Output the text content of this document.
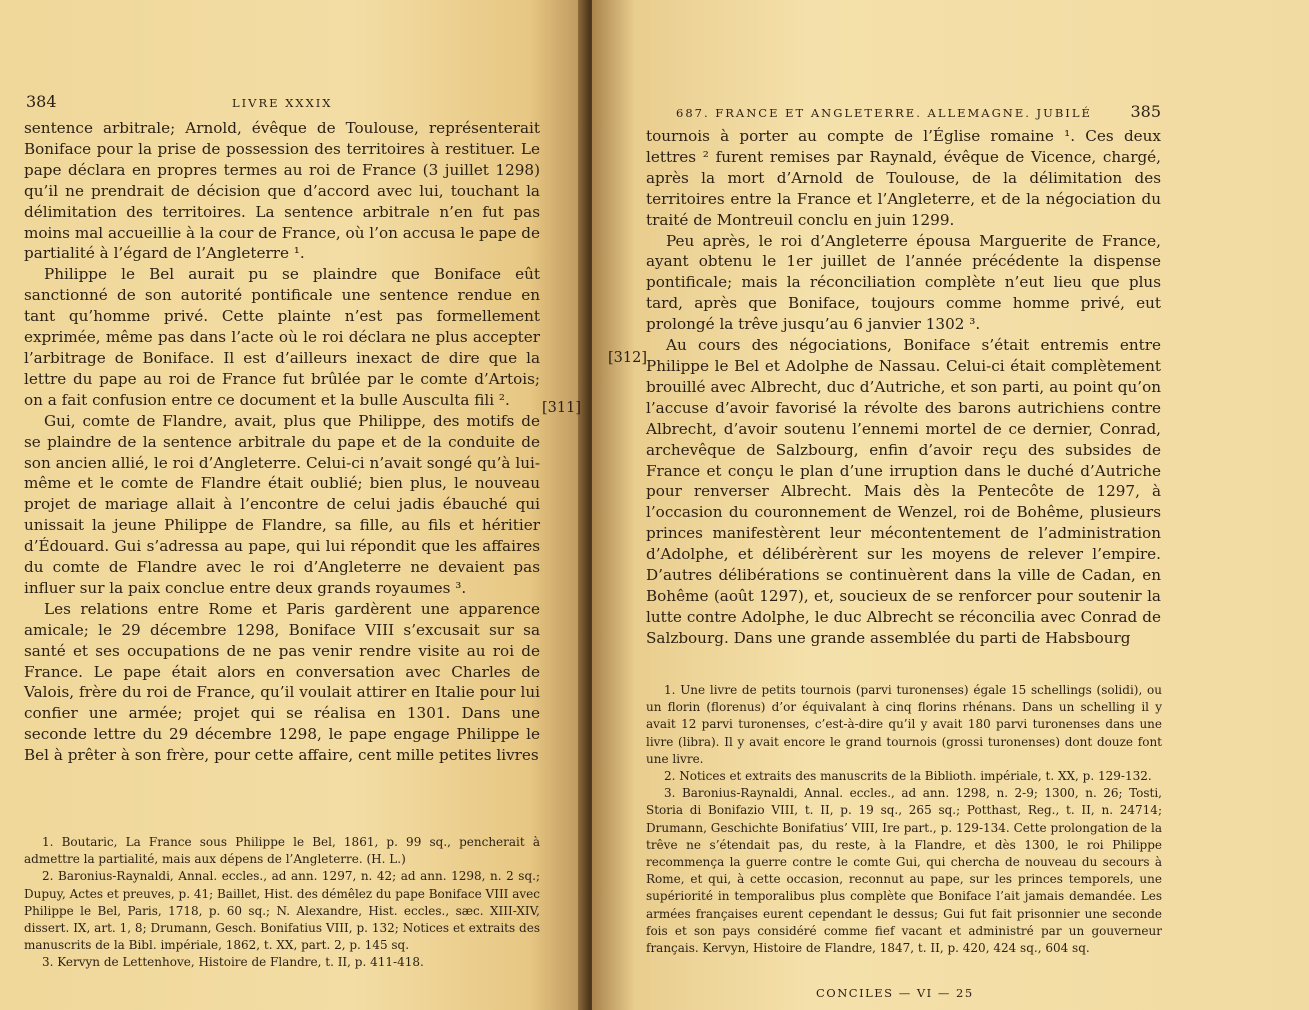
384	LIVRE XXXIX

sentence arbitrale; Arnold, évêque de Toulouse, représenterait Boniface pour la prise de possession des territoires à restituer. Le pape déclara en propres termes au roi de France (3 juillet 1298) qu’il ne prendrait de décision que d’accord avec lui, touchant la délimitation des territoires. La sentence arbitrale n’en fut pas moins mal accueillie à la cour de France, où l’on accusa le pape de partialité à l’égard de l’Angleterre ¹.

Philippe le Bel aurait pu se plaindre que Boniface eût sanctionné de son autorité pontificale une sentence rendue en tant qu’homme privé. Cette plainte n’est pas formellement exprimée, même pas dans l’acte où le roi déclara ne plus accepter l’arbitrage de Boniface. Il est d’ailleurs inexact de dire que la lettre du pape au roi de France fut brûlée par le comte d’Artois; on a fait confusion entre ce document et la bulle Ausculta fili ².

Gui, comte de Flandre, avait, plus que Philippe, des motifs de se plaindre de la sentence arbitrale du pape et de la conduite de son ancien allié, le roi d’Angleterre. Celui-ci n’avait songé qu’à lui-même et le comte de Flandre était oublié; bien plus, le nouveau projet de mariage allait à l’encontre de celui jadis ébauché qui unissait la jeune Philippe de Flandre, sa fille, au fils et héritier d’Édouard. Gui s’adressa au pape, qui lui répondit que les affaires du comte de Flandre avec le roi d’Angleterre ne devaient pas influer sur la paix conclue entre deux grands royaumes ³.

Les relations entre Rome et Paris gardèrent une apparence amicale; le 29 décembre 1298, Boniface VIII s’excusait sur sa santé et ses occupations de ne pas venir rendre visite au roi de France. Le pape était alors en conversation avec Charles de Valois, frère du roi de France, qu’il voulait attirer en Italie pour lui confier une armée; projet qui se réalisa en 1301. Dans une seconde lettre du 29 décembre 1298, le pape engage Philippe le Bel à prêter à son frère, pour cette affaire, cent mille petites livres

1. Boutaric, La France sous Philippe le Bel, 1861, p. 99 sq., pencherait à admettre la partialité, mais aux dépens de l’Angleterre. (H. L.)

2. Baronius-Raynaldi, Annal. eccles., ad ann. 1297, n. 42; ad ann. 1298, n. 2 sq.; Dupuy, Actes et preuves, p. 41; Baillet, Hist. des démêlez du pape Boniface VIII avec Philippe le Bel, Paris, 1718, p. 60 sq.; N. Alexandre, Hist. eccles., sæc. XIII-XIV, dissert. IX, art. 1, 8; Drumann, Gesch. Bonifatius VIII, p. 132; Notices et extraits des manuscrits de la Bibl. impériale, 1862, t. XX, part. 2, p. 145 sq.

3. Kervyn de Lettenhove, Histoire de Flandre, t. II, p. 411-418.

687. FRANCE ET ANGLETERRE. ALLEMAGNE. JUBILÉ 385
[311]
[312]

tournois à porter au compte de l’Église romaine ¹. Ces deux lettres ² furent remises par Raynald, évêque de Vicence, chargé, après la mort d’Arnold de Toulouse, de la délimitation des territoires entre la France et l’Angleterre, et de la négociation du traité de Montreuil conclu en juin 1299.

Peu après, le roi d’Angleterre épousa Marguerite de France, ayant obtenu le 1er juillet de l’année précédente la dispense pontificale; mais la réconciliation complète n’eut lieu que plus tard, après que Boniface, toujours comme homme privé, eut prolongé la trêve jusqu’au 6 janvier 1302 ³.

Au cours des négociations, Boniface s’était entremis entre Philippe le Bel et Adolphe de Nassau. Celui-ci était complètement brouillé avec Albrecht, duc d’Autriche, et son parti, au point qu’on l’accuse d’avoir favorisé la révolte des barons autrichiens contre Albrecht, d’avoir soutenu l’ennemi mortel de ce dernier, Conrad, archevêque de Salzbourg, enfin d’avoir reçu des subsides de France et conçu le plan d’une irruption dans le duché d’Autriche pour renverser Albrecht. Mais dès la Pentecôte de 1297, à l’occasion du couronnement de Wenzel, roi de Bohême, plusieurs princes manifestèrent leur mécontentement de l’administration d’Adolphe, et délibérèrent sur les moyens de relever l’empire. D’autres délibérations se continuèrent dans la ville de Cadan, en Bohême (août 1297), et, soucieux de se renforcer pour soutenir la lutte contre Adolphe, le duc Albrecht se réconcilia avec Conrad de Salzbourg. Dans une grande assemblée du parti de Habsbourg

1. Une livre de petits tournois (parvi turonenses) égale 15 schellings (solidi), ou un florin (florenus) d’or équivalant à cinq florins rhénans. Dans un schelling il y avait 12 parvi turonenses, c’est-à-dire qu’il y avait 180 parvi turonenses dans une livre (libra). Il y avait encore le grand tournois (grossi turonenses) dont douze font une livre.

2. Notices et extraits des manuscrits de la Biblioth. impériale, t. XX, p. 129-132.

3. Baronius-Raynaldi, Annal. eccles., ad ann. 1298, n. 2-9; 1300, n. 26; Tosti, Storia di Bonifazio VIII, t. II, p. 19 sq., 265 sq.; Potthast, Reg., t. II, n. 24714; Drumann, Geschichte Bonifatius’ VIII, Ire part., p. 129-134. Cette prolongation de la trêve ne s’étendait pas, du reste, à la Flandre, et dès 1300, le roi Philippe recommença la guerre contre le comte Gui, qui chercha de nouveau du secours à Rome, et qui, à cette occasion, reconnut au pape, sur les princes temporels, une supériorité in temporalibus plus complète que Boniface l’ait jamais demandée. Les armées françaises eurent cependant le dessus; Gui fut fait prisonnier une seconde fois et son pays considéré comme fief vacant et administré par un gouverneur français. Kervyn, Histoire de Flandre, 1847, t. II, p. 420, 424 sq., 604 sq.

CONCILES — VI — 25
